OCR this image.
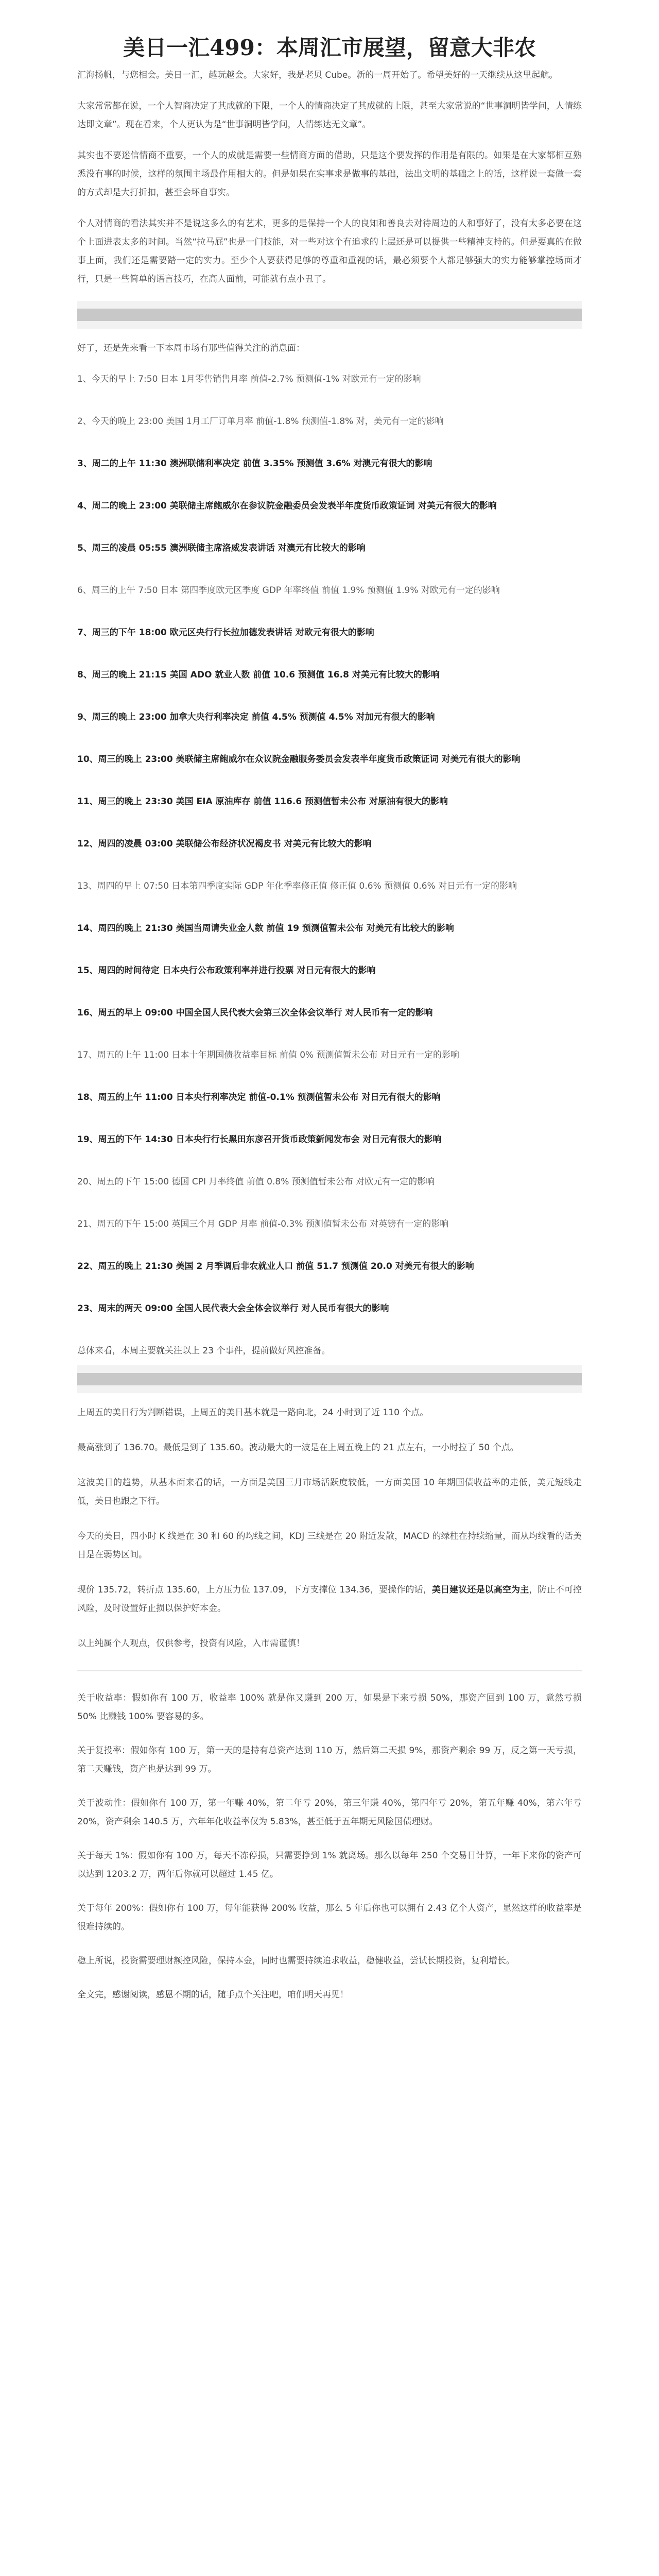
美日一汇499：本周汇市展望，留意大非农

汇海扬帆，与您相会。美日一汇，越玩越会。大家好，我是老贝 Cube。新的一周开始了。希望美好的一天继续从这里起航。

大家常常都在说，一个人智商决定了其成就的下限，一个人的情商决定了其成就的上限，甚至大家常说的“世事洞明皆学问，人情练达即文章”。现在看来，个人更认为是“世事洞明皆学问，人情练达无文章”。

其实也不要迷信情商不重要，一个人的成就是需要一些情商方面的借助，只是这个要发挥的作用是有限的。如果是在大家都相互熟悉没有事的时候，这样的氛围主场最作用相大的。但是如果在实事求是做事的基础，法出文明的基础之上的话，这样说一套做一套的方式却是大打折扣，甚至会坏自事实。

个人对情商的看法其实并不是说这多么的有艺术，更多的是保持一个人的良知和善良去对待周边的人和事好了，没有太多必要在这个上面进表太多的时间。当然“拉马屁”也是一门技能，对一些对这个有追求的上层还是可以提供一些精神支持的。但是要真的在做事上面，我们还是需要踏一定的实力。至少个人要获得足够的尊重和重视的话，最必须要个人都足够强大的实力能够掌控场面才行，只是一些简单的语言技巧，在高人面前，可能就有点小丑了。

好了，还是先来看一下本周市场有那些值得关注的消息面：

1、今天的早上 7:50 日本 1月零售销售月率 前值-2.7% 预测值-1% 对欧元有一定的影响

2、今天的晚上 23:00 美国 1月工厂订单月率 前值-1.8% 预测值-1.8% 对，美元有一定的影响

3、周二的上午 11:30 澳洲联储利率决定 前值 3.35% 预测值 3.6% 对澳元有很大的影响

4、周二的晚上 23:00 美联储主席鲍威尔在参议院金融委员会发表半年度货币政策证词 对美元有很大的影响

5、周三的凌晨 05:55 澳洲联储主席洛威发表讲话 对澳元有比较大的影响

6、周三的上午 7:50 日本 第四季度欧元区季度 GDP 年率终值 前值 1.9% 预测值 1.9% 对欧元有一定的影响

7、周三的下午 18:00 欧元区央行行长拉加德发表讲话 对欧元有很大的影响

8、周三的晚上 21:15 美国 ADO 就业人数 前值 10.6 预测值 16.8 对美元有比较大的影响

9、周三的晚上 23:00 加拿大央行利率决定 前值 4.5% 预测值 4.5% 对加元有很大的影响

10、周三的晚上 23:00 美联储主席鲍威尔在众议院金融服务委员会发表半年度货币政策证词 对美元有很大的影响

11、周三的晚上 23:30 美国 EIA 原油库存 前值 116.6 预测值暂未公布 对原油有很大的影响

12、周四的凌晨 03:00 美联储公布经济状况褐皮书 对美元有比较大的影响

13、周四的早上 07:50 日本第四季度实际 GDP 年化季率修正值 修正值 0.6% 预测值 0.6% 对日元有一定的影响

14、周四的晚上 21:30 美国当周请失业金人数 前值 19 预测值暂未公布 对美元有比较大的影响

15、周四的时间待定 日本央行公布政策利率并进行投票 对日元有很大的影响

16、周五的早上 09:00 中国全国人民代表大会第三次全体会议举行 对人民币有一定的影响

17、周五的上午 11:00 日本十年期国债收益率目标 前值 0% 预测值暂未公布 对日元有一定的影响

18、周五的上午 11:00 日本央行利率决定 前值-0.1% 预测值暂未公布 对日元有很大的影响

19、周五的下午 14:30 日本央行行长黑田东彦召开货币政策新闻发布会 对日元有很大的影响

20、周五的下午 15:00 德国 CPI 月率终值 前值 0.8% 预测值暂未公布 对欧元有一定的影响

21、周五的下午 15:00 英国三个月 GDP 月率 前值-0.3% 预测值暂未公布 对英镑有一定的影响

22、周五的晚上 21:30 美国 2 月季调后非农就业人口 前值 51.7 预测值 20.0 对美元有很大的影响

23、周末的两天 09:00 全国人民代表大会全体会议举行 对人民币有很大的影响

总体来看，本周主要就关注以上 23 个事件，提前做好风控准备。

上周五的美日行为判断错误，上周五的美日基本就是一路向北，24 小时到了近 110 个点。

最高涨到了 136.70。最低是到了 135.60。波动最大的一波是在上周五晚上的 21 点左右，一小时拉了 50 个点。

这波美日的趋势，从基本面来看的话，一方面是美国三月市场活跃度较低，一方面美国 10 年期国债收益率的走低，美元短线走低，美日也跟之下行。

今天的美日，四小时 K 线是在 30 和 60 的均线之间，KDJ 三线是在 20 附近发散，MACD 的绿柱在持续缩量，而从均线看的话美日是在弱势区间。

现价 135.72，转折点 135.60，上方压力位 137.09，下方支撑位 134.36，要操作的话，美日建议还是以高空为主，防止不可控风险，及时设置好止损以保护好本金。

以上纯属个人观点，仅供参考，投资有风险，入市需谨慎！

关于收益率：假如你有 100 万，收益率 100% 就是你又赚到 200 万，如果是下来亏损 50%，那资产回到 100 万，意然亏损 50% 比赚钱 100% 要容易的多。

关于复投率：假如你有 100 万，第一天的是持有总资产达到 110 万，然后第二天损 9%，那资产剩余 99 万，反之第一天亏损，第二天赚钱，资产也是达到 99 万。

关于波动性：假如你有 100 万，第一年赚 40%，第二年亏 20%，第三年赚 40%，第四年亏 20%，第五年赚 40%，第六年亏 20%，资产剩余 140.5 万，六年年化收益率仅为 5.83%，甚至低于五年期无风险国债理财。

关于每天 1%：假如你有 100 万，每天不冻停损，只需要挣到 1% 就离场。那么以每年 250 个交易日计算，一年下来你的资产可以达到 1203.2 万，两年后你就可以超过 1.45 亿。

关于每年 200%：假如你有 100 万，每年能获得 200% 收益，那么 5 年后你也可以拥有 2.43 亿个人资产，显然这样的收益率是很难持续的。

稳上所说，投资需要理财额控风险，保持本金，同时也需要持续追求收益，稳健收益，尝试长期投资，复利增长。

全文完，感谢阅读，感恩不期的话，随手点个关注吧，咱们明天再见！
